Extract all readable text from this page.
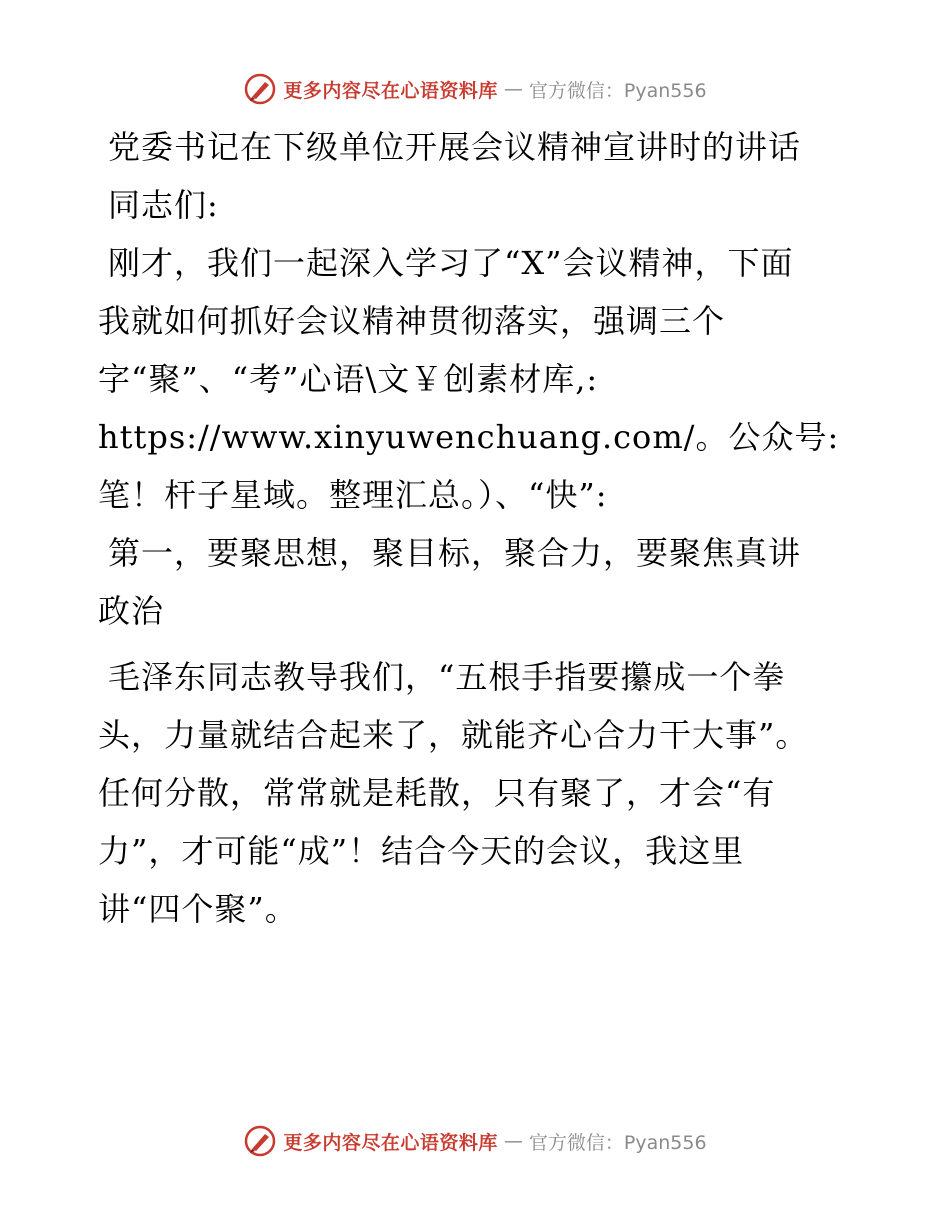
更多内容尽在心语资料库 — 官方微信：Pyan556
党委书记在下级单位开展会议精神宣讲时的讲话
同志们:
刚才，我们一起深入学习了“X”会议精神，下面
我就如何抓好会议精神贯彻落实，强调三个
字“聚”、“考”心语\文￥创素材库,:
https://www.xinyuwenchuang.com/。公众号:
笔！杆子星域。整理汇总。）、“快”:
第一，要聚思想，聚目标，聚合力，要聚焦真讲
政治
毛泽东同志教导我们，“五根手指要攥成一个拳
头，力量就结合起来了，就能齐心合力干大事”。
任何分散，常常就是耗散，只有聚了，才会“有
力”，才可能“成”！结合今天的会议，我这里
讲“四个聚”。
更多内容尽在心语资料库 — 官方微信：Pyan556
